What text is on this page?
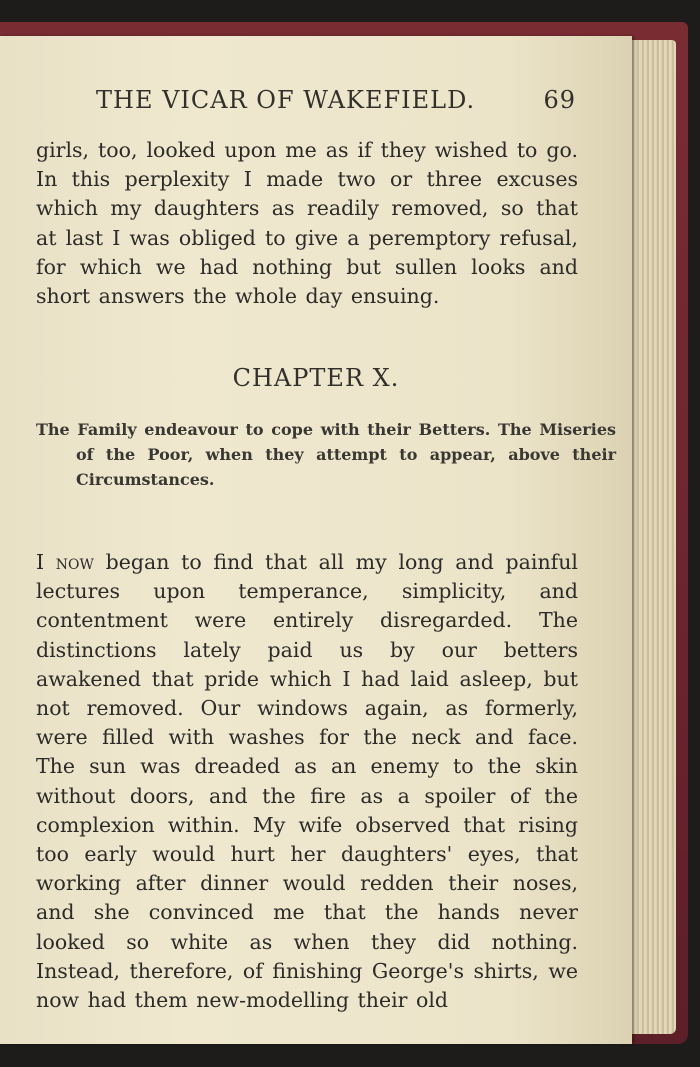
THE VICAR OF WAKEFIELD.	69

girls, too, looked upon me as if they wished to go. In this perplexity I made two or three excuses which my daughters as readily removed, so that at last I was obliged to give a peremptory refusal, for which we had nothing but sullen looks and short answers the whole day ensuing.

CHAPTER X.

The Family endeavour to cope with their Betters. The Miseries of the Poor, when they attempt to appear, above their Circumstances.

I now began to find that all my long and painful lectures upon temperance, simplicity, and contentment were entirely disregarded. The distinctions lately paid us by our betters awakened that pride which I had laid asleep, but not removed. Our windows again, as formerly, were filled with washes for the neck and face. The sun was dreaded as an enemy to the skin without doors, and the fire as a spoiler of the complexion within. My wife observed that rising too early would hurt her daughters' eyes, that working after dinner would redden their noses, and she convinced me that the hands never looked so white as when they did nothing. Instead, therefore, of finishing George's shirts, we now had them new-modelling their old
